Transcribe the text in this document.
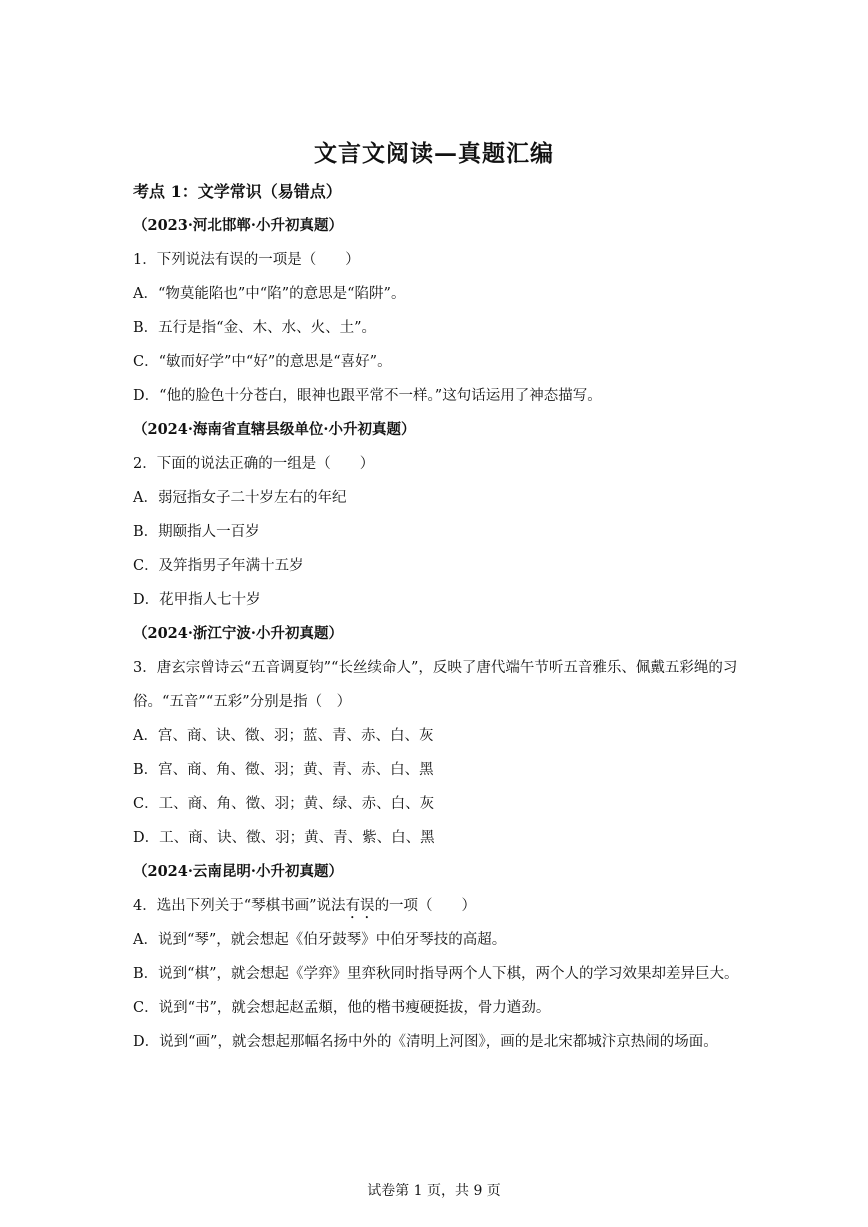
文言文阅读—真题汇编
考点 1：文学常识（易错点）
（2023·河北邯郸·小升初真题）
1．下列说法有误的一项是（　　）
A．“物莫能陷也”中“陷”的意思是“陷阱”。
B．五行是指“金、木、水、火、土”。
C．“敏而好学”中“好”的意思是“喜好”。
D．“他的脸色十分苍白，眼神也跟平常不一样。”这句话运用了神态描写。
（2024·海南省直辖县级单位·小升初真题）
2．下面的说法正确的一组是（　　）
A．弱冠指女子二十岁左右的年纪
B．期颐指人一百岁
C．及笄指男子年满十五岁
D．花甲指人七十岁
（2024·浙江宁波·小升初真题）
3．唐玄宗曾诗云“五音调夏钧”“长丝续命人”，反映了唐代端午节听五音雅乐、佩戴五彩绳的习俗。“五音”“五彩”分别是指（　）
A．宫、商、诀、徵、羽；蓝、青、赤、白、灰
B．宫、商、角、徵、羽；黄、青、赤、白、黑
C．工、商、角、徵、羽；黄、绿、赤、白、灰
D．工、商、诀、徵、羽；黄、青、紫、白、黑
（2024·云南昆明·小升初真题）
4．选出下列关于“琴棋书画”说法有误的一项（　　）
A．说到“琴”，就会想起《伯牙鼓琴》中伯牙琴技的高超。
B．说到“棋”，就会想起《学弈》里弈秋同时指导两个人下棋，两个人的学习效果却差异巨大。
C．说到“书”，就会想起赵孟頫，他的楷书瘦硬挺拔，骨力遒劲。
D．说到“画”，就会想起那幅名扬中外的《清明上河图》，画的是北宋都城汴京热闹的场面。
试卷第 1 页，共 9 页
